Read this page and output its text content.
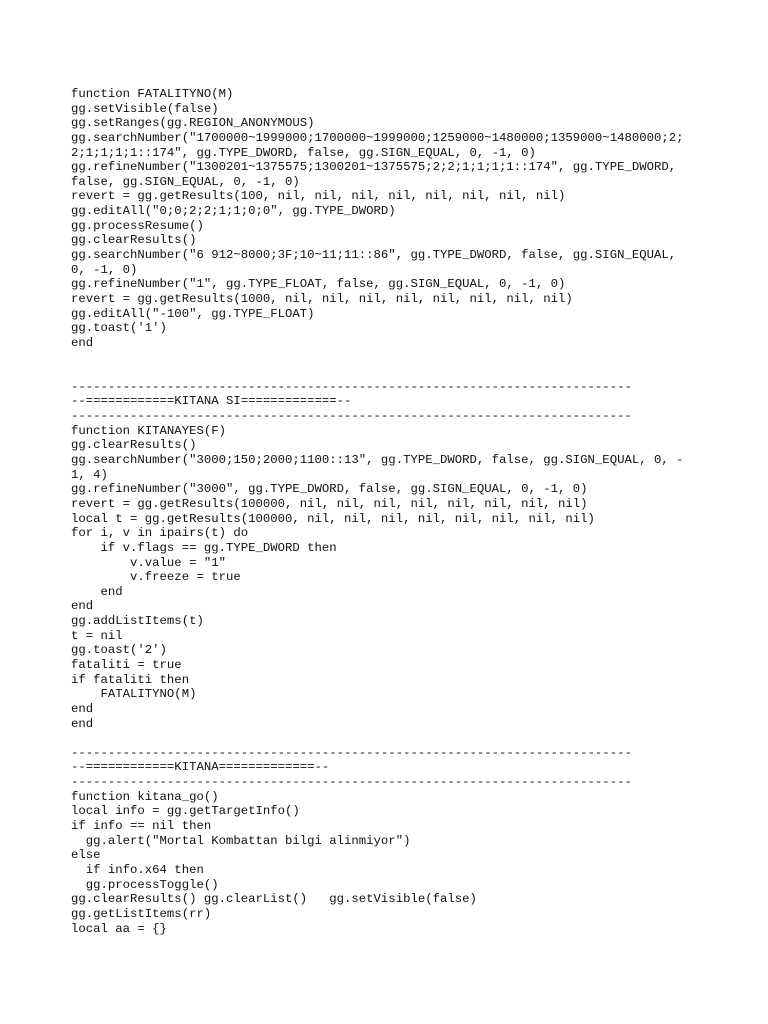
function FATALITYNO(M)
gg.setVisible(false)
gg.setRanges(gg.REGION_ANONYMOUS)
gg.searchNumber("1700000~1999000;1700000~1999000;1259000~1480000;1359000~1480000;2;
2;1;1;1;1::174", gg.TYPE_DWORD, false, gg.SIGN_EQUAL, 0, -1, 0)
gg.refineNumber("1300201~1375575;1300201~1375575;2;2;1;1;1;1::174", gg.TYPE_DWORD,
false, gg.SIGN_EQUAL, 0, -1, 0)
revert = gg.getResults(100, nil, nil, nil, nil, nil, nil, nil, nil)
gg.editAll("0;0;2;2;1;1;0;0", gg.TYPE_DWORD)
gg.processResume()
gg.clearResults()
gg.searchNumber("6 912~8000;3F;10~11;11::86", gg.TYPE_DWORD, false, gg.SIGN_EQUAL,
0, -1, 0)
gg.refineNumber("1", gg.TYPE_FLOAT, false, gg.SIGN_EQUAL, 0, -1, 0)
revert = gg.getResults(1000, nil, nil, nil, nil, nil, nil, nil, nil)
gg.editAll("-100", gg.TYPE_FLOAT)
gg.toast('1')
end
----------------------------------------------------------------------------
--============KITANA SI=============--
----------------------------------------------------------------------------
function KITANAYES(F)
gg.clearResults()
gg.searchNumber("3000;150;2000;1100::13", gg.TYPE_DWORD, false, gg.SIGN_EQUAL, 0, -
1, 4)
gg.refineNumber("3000", gg.TYPE_DWORD, false, gg.SIGN_EQUAL, 0, -1, 0)
revert = gg.getResults(100000, nil, nil, nil, nil, nil, nil, nil, nil)
local t = gg.getResults(100000, nil, nil, nil, nil, nil, nil, nil, nil)
for i, v in ipairs(t) do
if v.flags == gg.TYPE_DWORD then
v.value = "1"
v.freeze = true
end
end
gg.addListItems(t)
t = nil
gg.toast('2')
fataliti = true
if fataliti then
FATALITYNO(M)
end
end
----------------------------------------------------------------------------
--============KITANA=============--
----------------------------------------------------------------------------
function kitana_go()
local info = gg.getTargetInfo()
if info == nil then
gg.alert("Mortal Kombattan bilgi alinmiyor")
else
if info.x64 then
gg.processToggle()
gg.clearResults() gg.clearList()   gg.setVisible(false)
gg.getListItems(rr)
local aa = {}
